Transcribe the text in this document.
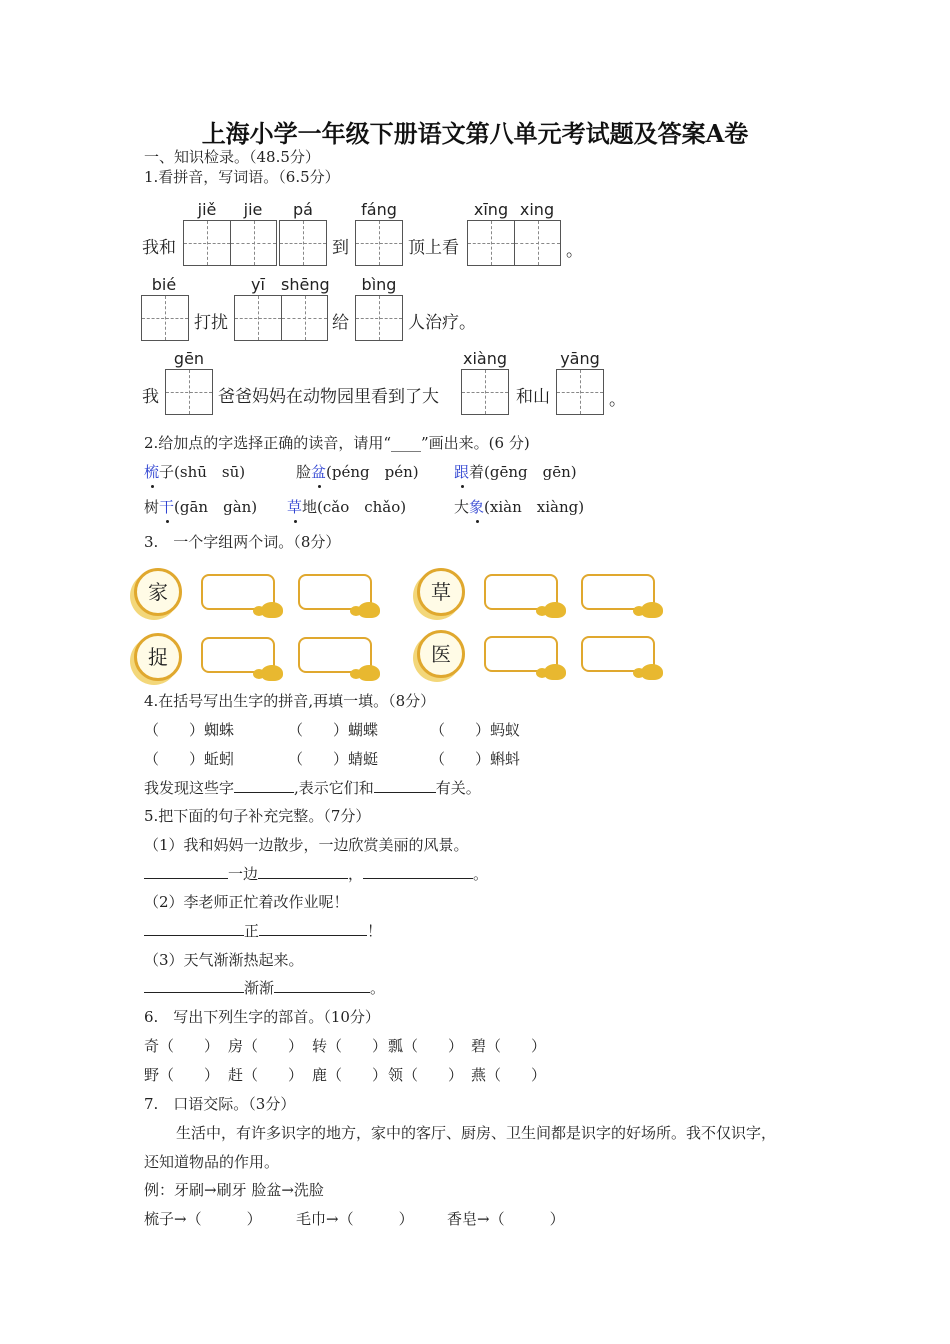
上海小学一年级下册语文第八单元考试题及答案A卷
一、知识检录。（48.5分）
1.看拼音，写词语。（6.5分）
jiě	jie	pá	fáng	xīng xing
我和	到	顶上看	。
bié	yī	shēng	bìng
打扰	给	人治疗。
gēn	xiàng	yāng
我	爸爸妈妈在动物园里看到了大	和山	。
2.给加点的字选择正确的读音，请用“____”画出来。(6 分)
梳子(shū　sū)	脸盆(péng　pén) 跟着(gēng　gēn)
树干(gān　gàn) 草地(cǎo　chǎo)	大象(xiàn　xiàng)
3.　一个字组两个词。（8分）
家	草
捉	医
4.在括号写出生字的拼音,再填一填。（8分）
（　　）蜘蛛	（　　）蝴蝶	（　　）蚂蚁
（　　）蚯蚓	（　　）蜻蜓	（　　）蝌蚪
我发现这些字	,表示它们和	有关。
5.把下面的句子补充完整。（7分）
（1）我和妈妈一边散步，一边欣赏美丽的风景。
一边	，	。
（2）李老师正忙着改作业呢！
正	！
（3）天气渐渐热起来。
渐渐	。
6.　写出下列生字的部首。（10分）
奇（　　） 房（　　） 转（　　） 瓢（　　） 碧（　　）
野（　　） 赶（　　） 鹿（　　） 领（　　） 燕（　　）
7.　口语交际。（3分）
生活中，有许多识字的地方，家中的客厅、厨房、卫生间都是识字的好场所。我不仅识字，
还知道物品的作用。
例：牙刷→刷牙 脸盆→洗脸
梳子→（　　　） 毛巾→（　　　） 香皂→（　　　）
